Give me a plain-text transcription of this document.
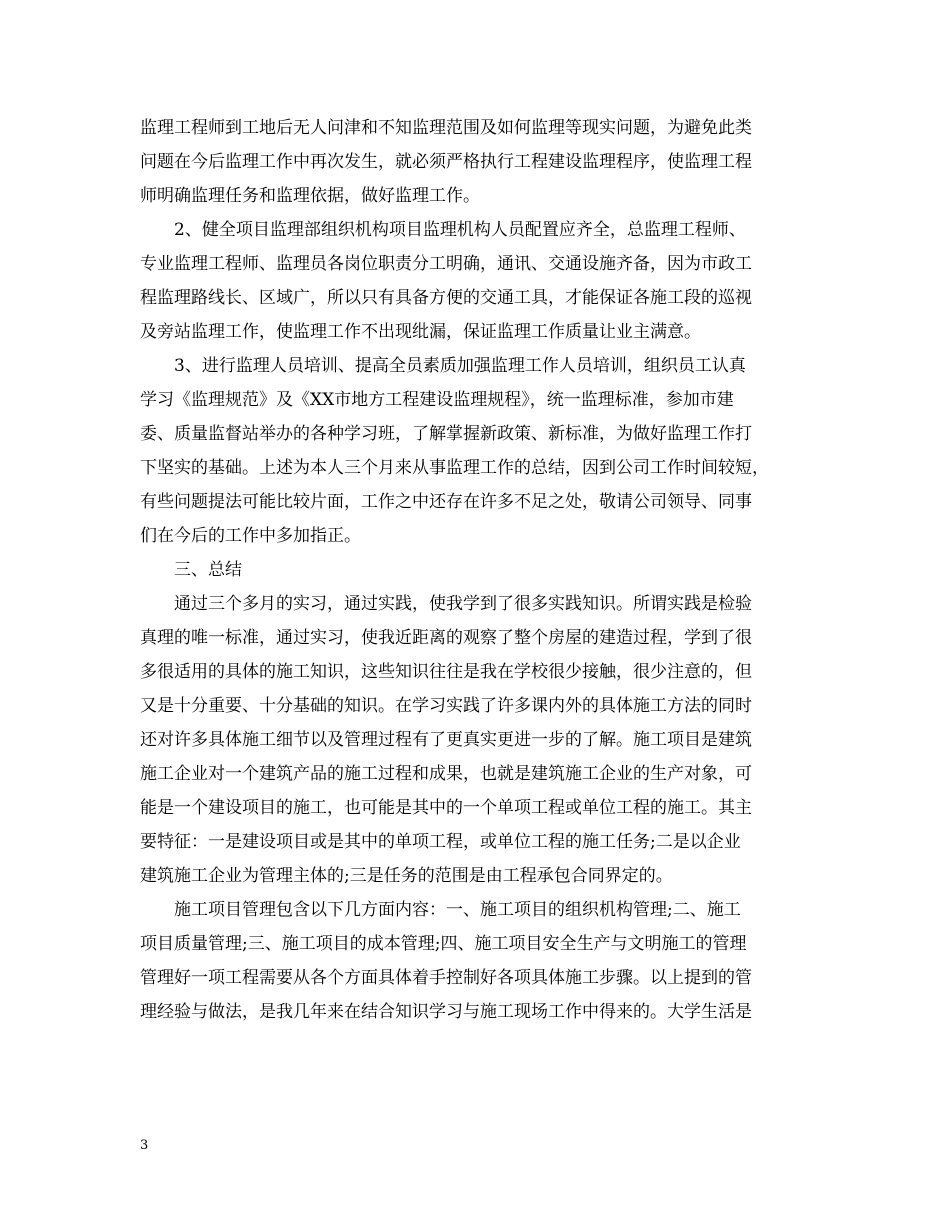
监理工程师到工地后无人问津和不知监理范围及如何监理等现实问题，为避免此类
问题在今后监理工作中再次发生，就必须严格执行工程建设监理程序，使监理工程
师明确监理任务和监理依据，做好监理工作。
2、健全项目监理部组织机构项目监理机构人员配置应齐全，总监理工程师、
专业监理工程师、监理员各岗位职责分工明确，通讯、交通设施齐备，因为市政工
程监理路线长、区域广，所以只有具备方便的交通工具，才能保证各施工段的巡视
及旁站监理工作，使监理工作不出现纰漏，保证监理工作质量让业主满意。
3、进行监理人员培训、提高全员素质加强监理工作人员培训，组织员工认真
学习《监理规范》及《XX市地方工程建设监理规程》，统一监理标准，参加市建
委、质量监督站举办的各种学习班，了解掌握新政策、新标准，为做好监理工作打
下坚实的基础。上述为本人三个月来从事监理工作的总结，因到公司工作时间较短，
有些问题提法可能比较片面，工作之中还存在许多不足之处，敬请公司领导、同事
们在今后的工作中多加指正。
三、总结
通过三个多月的实习，通过实践，使我学到了很多实践知识。所谓实践是检验
真理的唯一标准，通过实习，使我近距离的观察了整个房屋的建造过程，学到了很
多很适用的具体的施工知识，这些知识往往是我在学校很少接触，很少注意的，但
又是十分重要、十分基础的知识。在学习实践了许多课内外的具体施工方法的同时
还对许多具体施工细节以及管理过程有了更真实更进一步的了解。施工项目是建筑
施工企业对一个建筑产品的施工过程和成果，也就是建筑施工企业的生产对象，可
能是一个建设项目的施工，也可能是其中的一个单项工程或单位工程的施工。其主
要特征：一是建设项目或是其中的单项工程，或单位工程的施工任务;二是以企业
建筑施工企业为管理主体的;三是任务的范围是由工程承包合同界定的。
施工项目管理包含以下几方面内容：一、施工项目的组织机构管理;二、施工
项目质量管理;三、施工项目的成本管理;四、施工项目安全生产与文明施工的管理
管理好一项工程需要从各个方面具体着手控制好各项具体施工步骤。以上提到的管
理经验与做法，是我几年来在结合知识学习与施工现场工作中得来的。大学生活是
3
